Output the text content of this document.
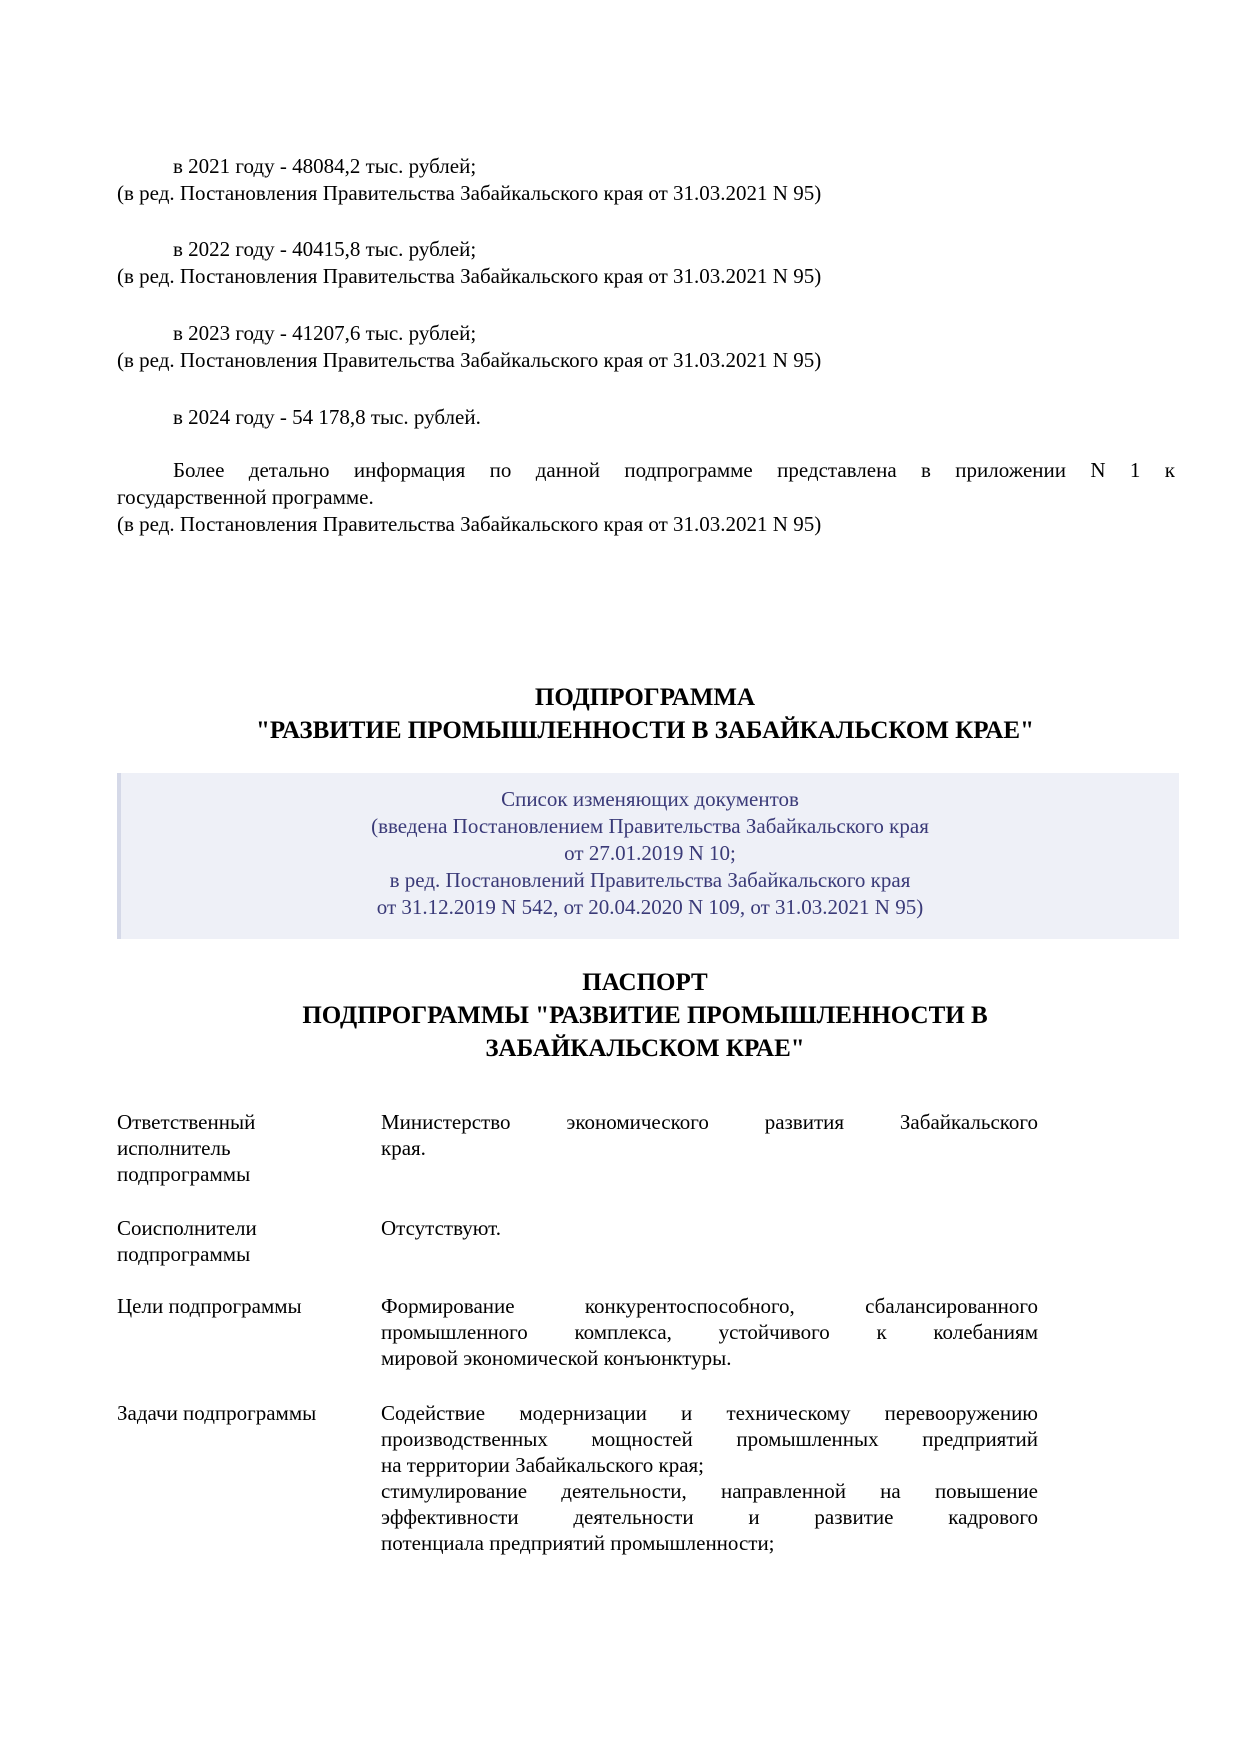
в 2021 году - 48084,2 тыс. рублей;
(в ред. Постановления Правительства Забайкальского края от 31.03.2021 N 95)
в 2022 году - 40415,8 тыс. рублей;
(в ред. Постановления Правительства Забайкальского края от 31.03.2021 N 95)
в 2023 году - 41207,6 тыс. рублей;
(в ред. Постановления Правительства Забайкальского края от 31.03.2021 N 95)
в 2024 году - 54 178,8 тыс. рублей.
Более детально информация по данной подпрограмме представлена в приложении N 1 к
государственной программе.
(в ред. Постановления Правительства Забайкальского края от 31.03.2021 N 95)
ПОДПРОГРАММА
"РАЗВИТИЕ ПРОМЫШЛЕННОСТИ В ЗАБАЙКАЛЬСКОМ КРАЕ"
Список изменяющих документов
(введена Постановлением Правительства Забайкальского края
от 27.01.2019 N 10;
в ред. Постановлений Правительства Забайкальского края
от 31.12.2019 N 542, от 20.04.2020 N 109, от 31.03.2021 N 95)
ПАСПОРТ
ПОДПРОГРАММЫ "РАЗВИТИЕ ПРОМЫШЛЕННОСТИ В
ЗАБАЙКАЛЬСКОМ КРАЕ"
Ответственный
исполнитель
подпрограммы
Министерство экономического развития Забайкальского
края.
Соисполнители
подпрограммы
Отсутствуют.
Цели подпрограммы	Формирование конкурентоспособного, сбалансированного
промышленного комплекса, устойчивого к колебаниям
мировой экономической конъюнктуры.
Задачи подпрограммы	Содействие модернизации и техническому перевооружению
производственных мощностей промышленных предприятий
на территории Забайкальского края;
стимулирование деятельности, направленной на повышение
эффективности деятельности и развитие кадрового
потенциала предприятий промышленности;
